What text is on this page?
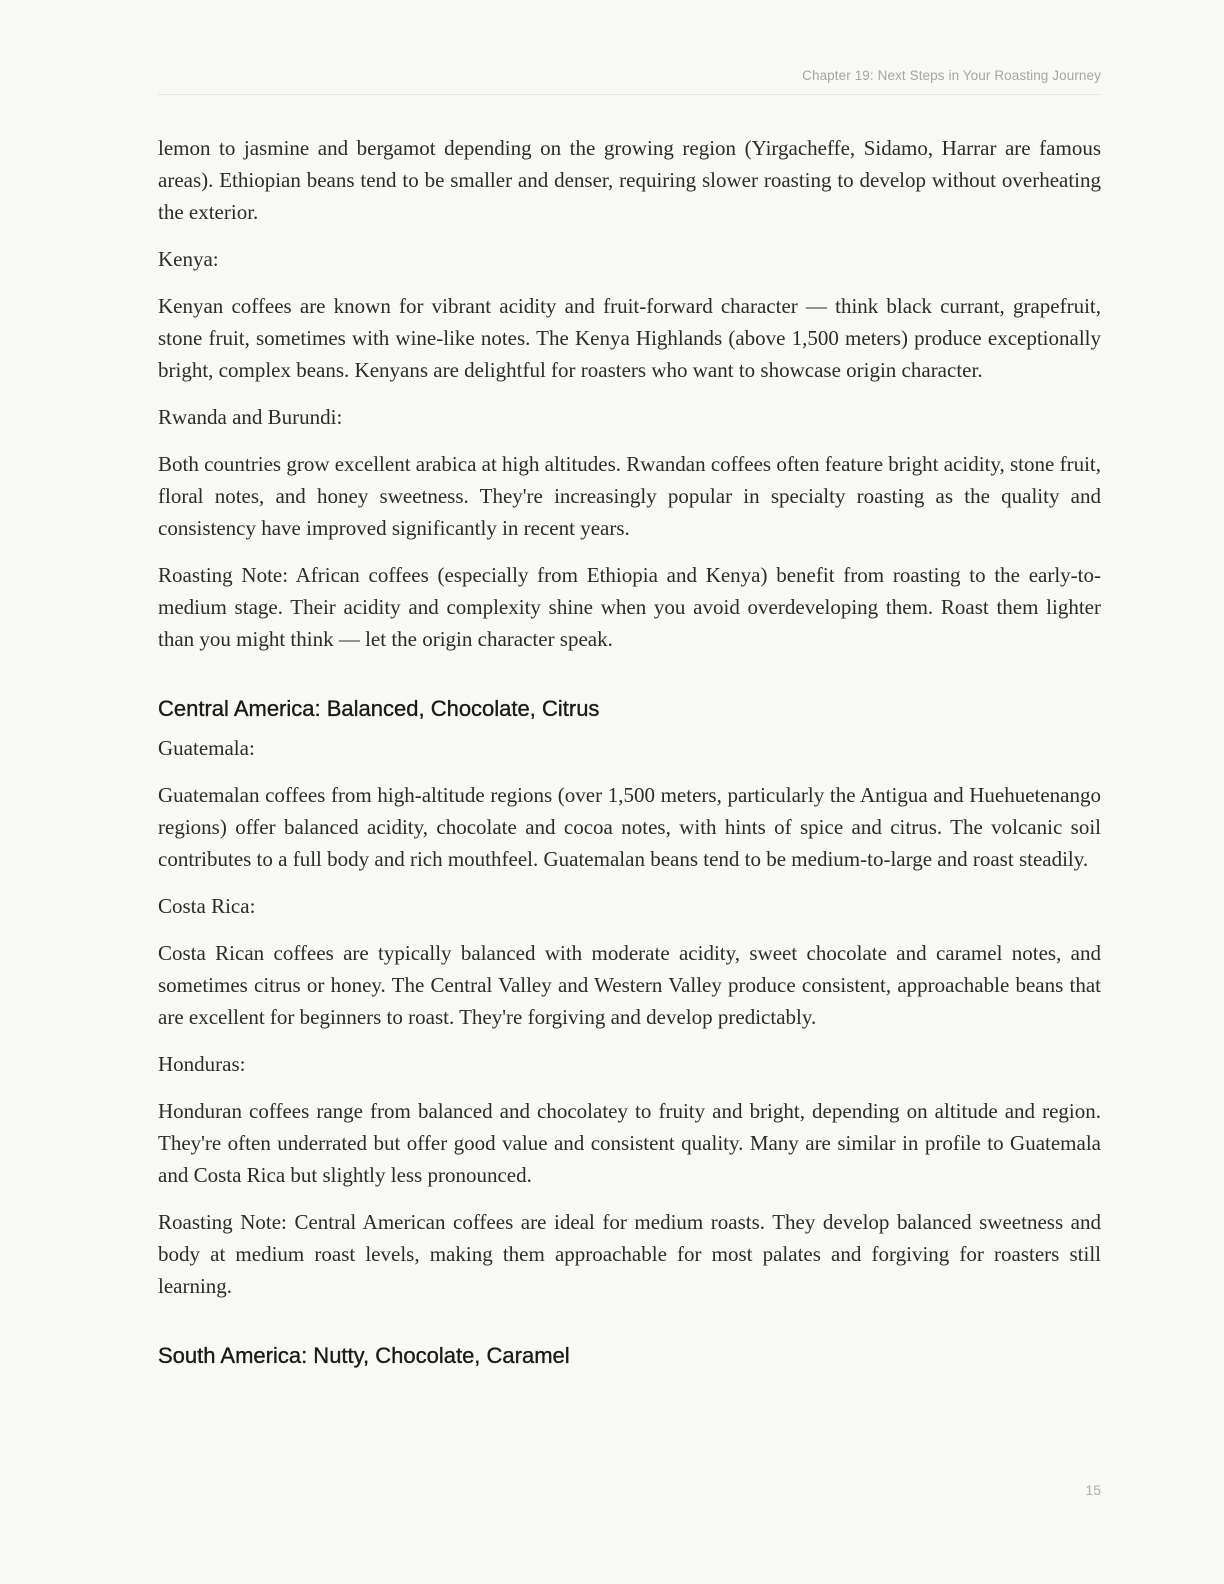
Chapter 19: Next Steps in Your Roasting Journey

lemon to jasmine and bergamot depending on the growing region (Yirgacheffe, Sidamo, Harrar are famous areas). Ethiopian beans tend to be smaller and denser, requiring slower roasting to develop without overheating the exterior.

Kenya:

Kenyan coffees are known for vibrant acidity and fruit-forward character — think black currant, grapefruit, stone fruit, sometimes with wine-like notes. The Kenya Highlands (above 1,500 meters) produce exceptionally bright, complex beans. Kenyans are delightful for roasters who want to showcase origin character.

Rwanda and Burundi:

Both countries grow excellent arabica at high altitudes. Rwandan coffees often feature bright acidity, stone fruit, floral notes, and honey sweetness. They're increasingly popular in specialty roasting as the quality and consistency have improved significantly in recent years.

Roasting Note: African coffees (especially from Ethiopia and Kenya) benefit from roasting to the early-to-medium stage. Their acidity and complexity shine when you avoid overdeveloping them. Roast them lighter than you might think — let the origin character speak.

Central America: Balanced, Chocolate, Citrus

Guatemala:

Guatemalan coffees from high-altitude regions (over 1,500 meters, particularly the Antigua and Huehuetenango regions) offer balanced acidity, chocolate and cocoa notes, with hints of spice and citrus. The volcanic soil contributes to a full body and rich mouthfeel. Guatemalan beans tend to be medium-to-large and roast steadily.

Costa Rica:

Costa Rican coffees are typically balanced with moderate acidity, sweet chocolate and caramel notes, and sometimes citrus or honey. The Central Valley and Western Valley produce consistent, approachable beans that are excellent for beginners to roast. They're forgiving and develop predictably.

Honduras:

Honduran coffees range from balanced and chocolatey to fruity and bright, depending on altitude and region. They're often underrated but offer good value and consistent quality. Many are similar in profile to Guatemala and Costa Rica but slightly less pronounced.

Roasting Note: Central American coffees are ideal for medium roasts. They develop balanced sweetness and body at medium roast levels, making them approachable for most palates and forgiving for roasters still learning.

South America: Nutty, Chocolate, Caramel
15
